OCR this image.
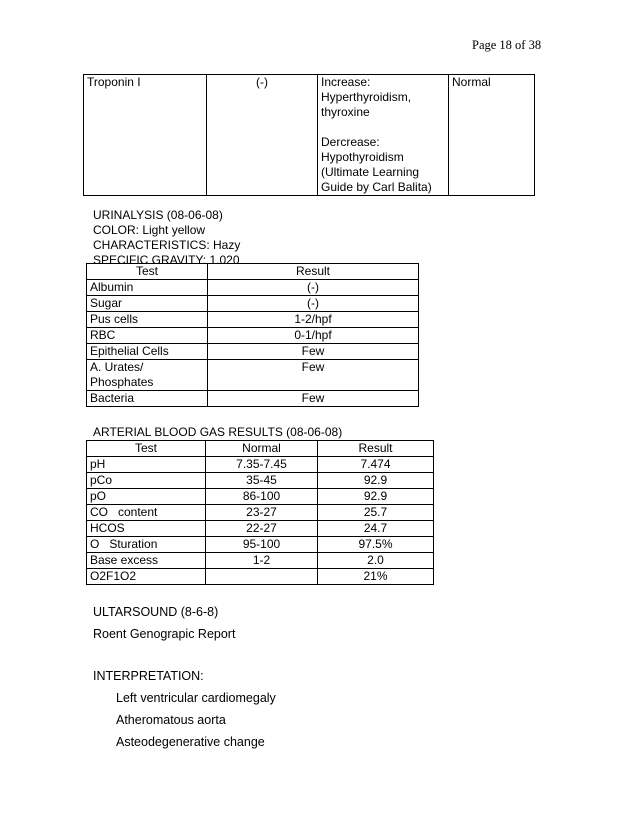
Page 18 of 38
Troponin I	(-)	Increase:
Hyperthyroidism,
thyroxine

Dercrease:
Hypothyroidism
(Ultimate Learning
Guide by Carl Balita)	Normal
URINALYSIS (08-06-08)
COLOR: Light yellow
CHARACTERISTICS: Hazy
SPECIFIC GRAVITY: 1.020
Test	Result
Albumin	(-)
Sugar	(-)
Pus cells	1-2/hpf
RBC	0-1/hpf
Epithelial Cells	Few
A. Urates/
Phosphates	Few
Bacteria	Few
ARTERIAL BLOOD GAS RESULTS (08-06-08)
Test	Normal	Result
pH	7.35-7.45	7.474
pCo	35-45	92.9
pO	86-100	92.9
CO   content	23-27	25.7
HCOS	22-27	24.7
O   Sturation	95-100	97.5%
Base excess	1-2	2.0
O2F1O2		21%
ULTARSOUND (8-6-8)
Roent Genograpic Report
INTERPRETATION:
Left ventricular cardiomegaly
Atheromatous aorta
Asteodegenerative change
